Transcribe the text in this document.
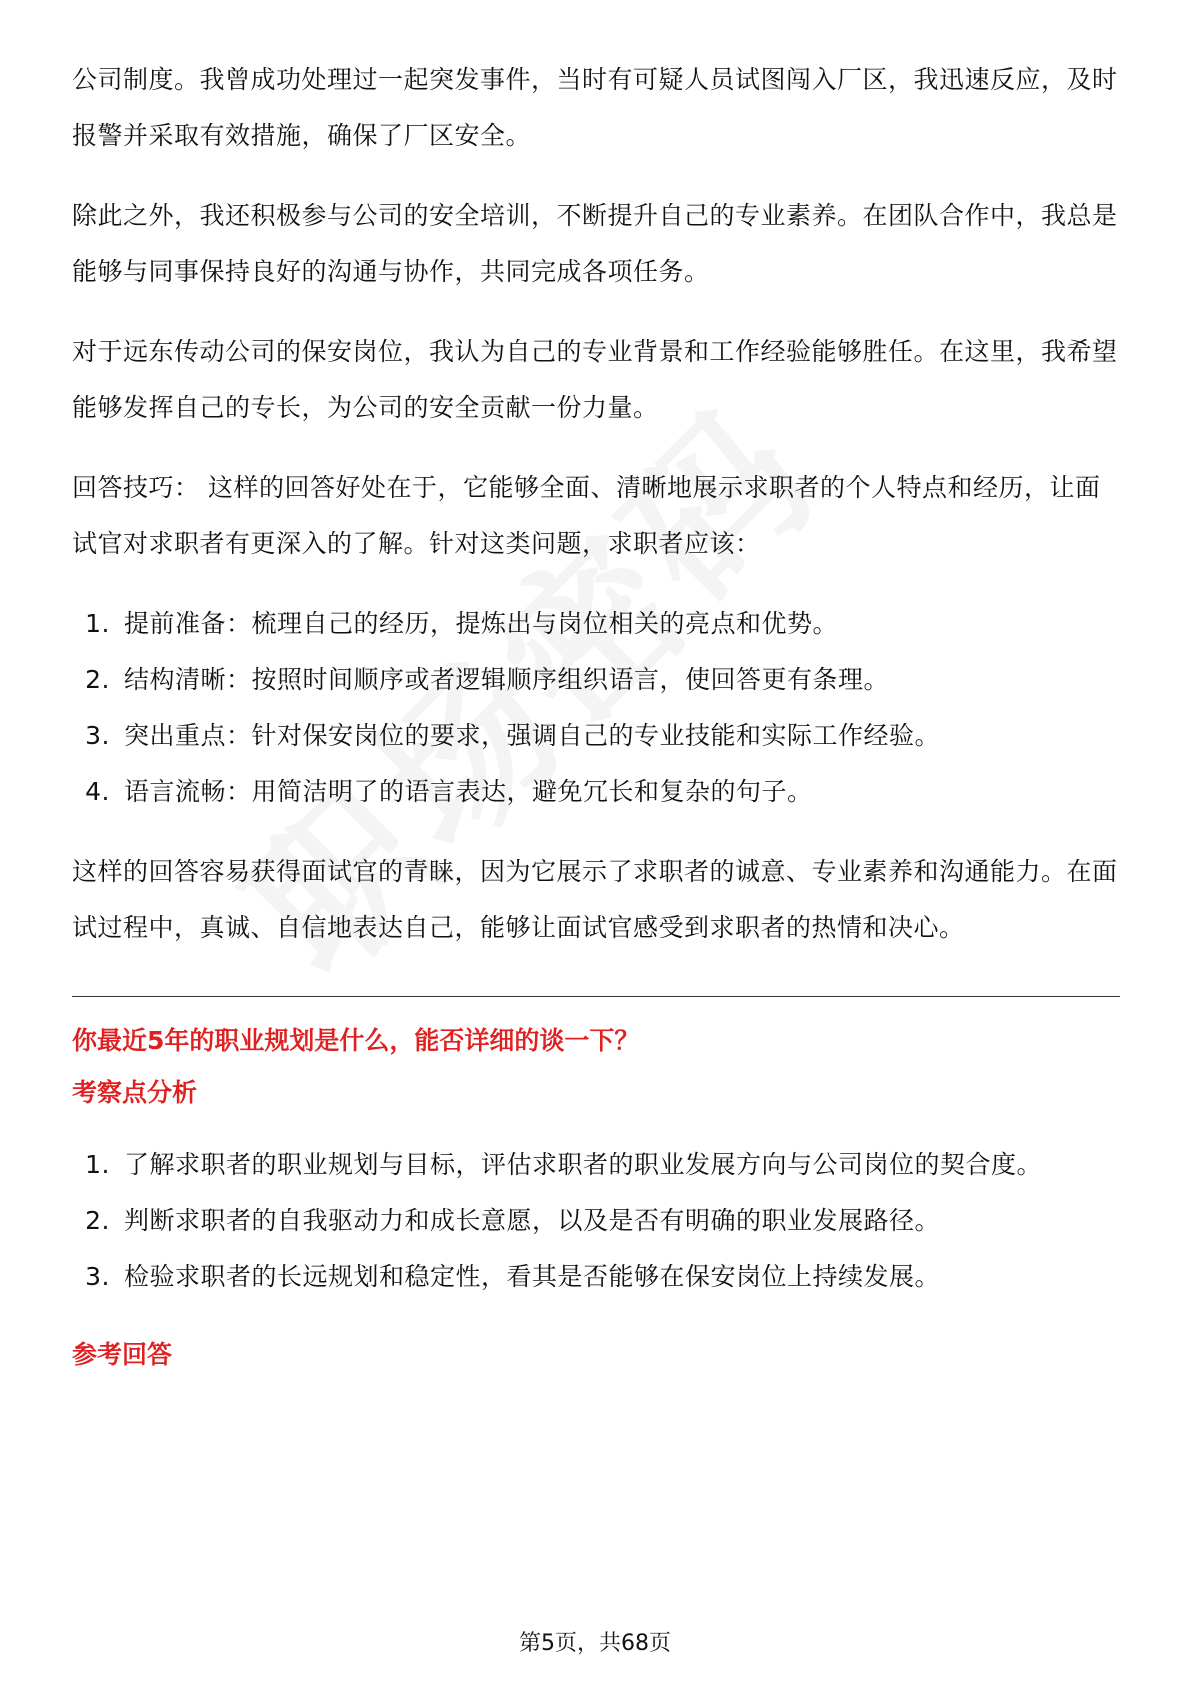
公司制度。我曾成功处理过一起突发事件，当时有可疑人员试图闯入厂区，我迅速反应，及时报警并采取有效措施，确保了厂区安全。

除此之外，我还积极参与公司的安全培训，不断提升自己的专业素养。在团队合作中，我总是能够与同事保持良好的沟通与协作，共同完成各项任务。

对于远东传动公司的保安岗位，我认为自己的专业背景和工作经验能够胜任。在这里，我希望能够发挥自己的专长，为公司的安全贡献一份力量。

回答技巧： 这样的回答好处在于，它能够全面、清晰地展示求职者的个人特点和经历，让面试官对求职者有更深入的了解。针对这类问题，求职者应该：

1. 提前准备：梳理自己的经历，提炼出与岗位相关的亮点和优势。
2. 结构清晰：按照时间顺序或者逻辑顺序组织语言，使回答更有条理。
3. 突出重点：针对保安岗位的要求，强调自己的专业技能和实际工作经验。
4. 语言流畅：用简洁明了的语言表达，避免冗长和复杂的句子。

这样的回答容易获得面试官的青睐，因为它展示了求职者的诚意、专业素养和沟通能力。在面试过程中，真诚、自信地表达自己，能够让面试官感受到求职者的热情和决心。

你最近5年的职业规划是什么，能否详细的谈一下？
考察点分析
1. 了解求职者的职业规划与目标，评估求职者的职业发展方向与公司岗位的契合度。
2. 判断求职者的自我驱动力和成长意愿，以及是否有明确的职业发展路径。
3. 检验求职者的长远规划和稳定性，看其是否能够在保安岗位上持续发展。
参考回答
第5页，共68页
